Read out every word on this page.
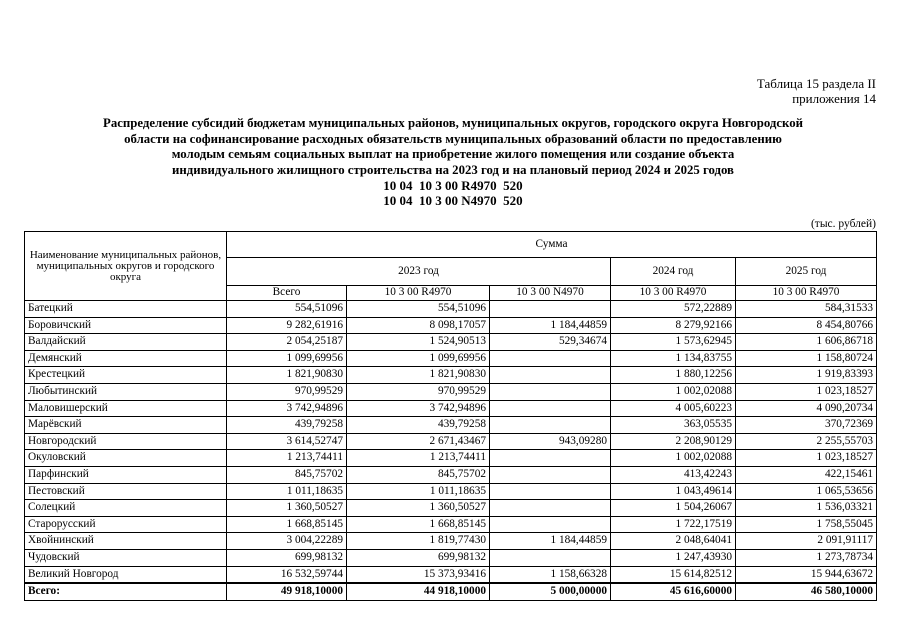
Таблица 15 раздела II
приложения 14
Распределение субсидий бюджетам муниципальных районов, муниципальных округов, городского округа Новгородской
области на софинансирование расходных обязательств муниципальных образований области по предоставлению
молодым семьям социальных выплат на приобретение жилого помещения или создание объекта
индивидуального жилищного строительства на 2023 год и на плановый период 2024 и 2025 годов
10 04  10 3 00 R4970  520
10 04  10 3 00 N4970  520
(тыс. рублей)
Наименование муниципальных районов, муниципальных округов и городского округа	Сумма				
	2023 год			2024 год	2025 год
	Всего	10 3 00 R4970	10 3 00 N4970	10 3 00 R4970	10 3 00 R4970
Батецкий	554,51096	554,51096		572,22889	584,31533
Боровичский	9 282,61916	8 098,17057	1 184,44859	8 279,92166	8 454,80766
Валдайский	2 054,25187	1 524,90513	529,34674	1 573,62945	1 606,86718
Демянский	1 099,69956	1 099,69956		1 134,83755	1 158,80724
Крестецкий	1 821,90830	1 821,90830		1 880,12256	1 919,83393
Любытинский	970,99529	970,99529		1 002,02088	1 023,18527
Маловишерский	3 742,94896	3 742,94896		4 005,60223	4 090,20734
Марёвский	439,79258	439,79258		363,05535	370,72369
Новгородский	3 614,52747	2 671,43467	943,09280	2 208,90129	2 255,55703
Окуловский	1 213,74411	1 213,74411		1 002,02088	1 023,18527
Парфинский	845,75702	845,75702		413,42243	422,15461
Пестовский	1 011,18635	1 011,18635		1 043,49614	1 065,53656
Солецкий	1 360,50527	1 360,50527		1 504,26067	1 536,03321
Старорусский	1 668,85145	1 668,85145		1 722,17519	1 758,55045
Хвойнинский	3 004,22289	1 819,77430	1 184,44859	2 048,64041	2 091,91117
Чудовский	699,98132	699,98132		1 247,43930	1 273,78734
Великий Новгород	16 532,59744	15 373,93416	1 158,66328	15 614,82512	15 944,63672
Всего:	49 918,10000	44 918,10000	5 000,00000	45 616,60000	46 580,10000
